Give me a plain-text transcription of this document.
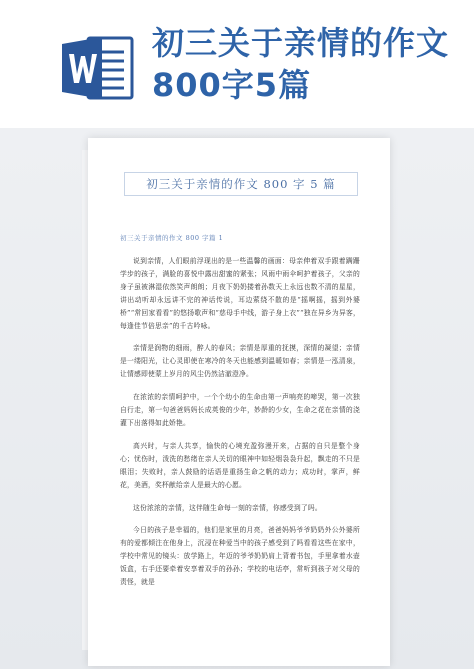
初三关于亲情的作文800字5篇
初三关于亲情的作文 800 字 5 篇
初三关于亲情的作文 800 字篇 1

说到亲情，人们眼前浮现出的是一些温馨的画面：母亲伸着双手跟着蹒跚学步的孩子，满脸的喜悦中露出甜蜜的紧张；风雨中雨伞呵护着孩子，父亲的身子虽被淋湿依然笑声朗朗；月夜下奶奶搂着孙数天上永远也数不清的星星，讲出动听却永远讲不完的神话传说，耳边萦绕不散的是“摇啊摇，摇到外婆桥”“常回家看看”的悠扬歌声和“慈母手中线，游子身上衣”“独在异乡为异客，每逢佳节倍思亲”的千古吟咏。

亲情是润物的细雨，醉人的春风；亲情是厚重的抚摸，深情的凝望；亲情是一缕阳光，让心灵即使在寒冷的冬天也能感到温暖如春；亲情是一泓清泉，让情感即使蒙上岁月的风尘仍然洁澈澄净。

在浓浓的亲情呵护中，一个个幼小的生命由第一声响亮的啼哭，第一次独自行走，第一句爸爸妈妈长成英俊的少年，妙龄的少女，生命之花在亲情的浇灌下出落得如此娇艳。

高兴时，与亲人共享，愉快的心境充盈弥漫开来，占据的自只是整个身心；忧伤时，泼洗的愁绪在亲人关切的眼神中如轻烟袅袅升起，飘走的不只是眼泪；失败时，亲人鼓励的话语是重扬生命之帆的动力；成功时，掌声，鲜花，美酒，奖杯献给亲人是最大的心愿。

这份浓浓的亲情，这伴随生命每一刻的亲情，你感受到了吗。

今日的孩子是幸福的，他们是家里的月亮，爸爸妈妈爷爷奶奶外公外婆所有的爱都倾注在他身上，沉浸在种爱当中的孩子感受到了吗看看这些在家中，学校中常见的镜头：放学路上，年迈的爷爷奶奶肩上背着书包，手里拿着水壶饭盒，右手还要牵着安享着双手的孙孙；学校的电话亭，常听到孩子对父母的 责怪，就是
